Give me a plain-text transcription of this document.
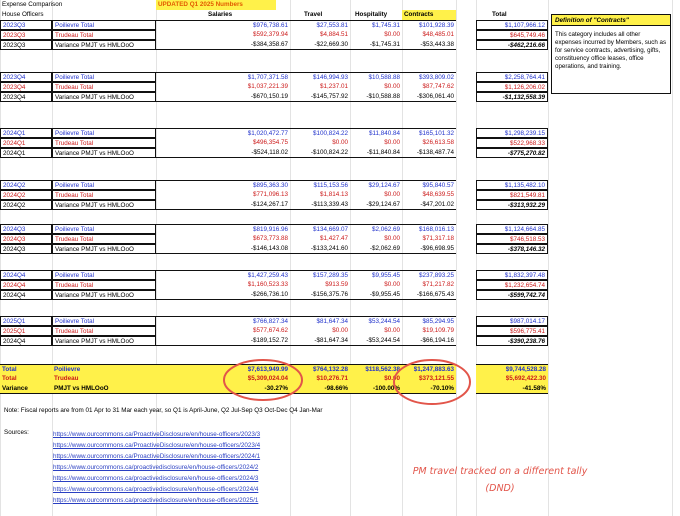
Expense Comparison	UPDATED Q1 2025 Numbers
House Officers	Salaries	Travel	Hospitality	Contracts	Total
2023Q3	Poilievre Total	$976,738.61	$27,553.81	$1,745.31	$101,928.39	$1,107,966.12
2023Q3	Trudeau Total	$592,379.94	$4,884.51	$0.00	$48,485.01	$645,749.46
2023Q3	Variance PMJT vs HMLOoO	-$384,358.67	-$22,669.30	-$1,745.31	-$53,443.38	-$462,216.66
2023Q4	Poilievre Total	$1,707,371.58	$146,994.93	$10,588.88	$393,809.02	$2,258,764.41
2023Q4	Trudeau Total	$1,037,221.39	$1,237.01	$0.00	$87,747.62	$1,126,206.02
2023Q4	Variance PMJT vs HMLOoO	-$670,150.19	-$145,757.92	-$10,588.88	-$306,061.40	-$1,132,558.39
2024Q1	Poilievre Total	$1,020,472.77	$100,824.22	$11,840.84	$165,101.32	$1,298,239.15
2024Q1	Trudeau Total	$496,354.75	$0.00	$0.00	$26,613.58	$522,968.33
2024Q1	Variance PMJT vs HMLOoO	-$524,118.02	-$100,824.22	-$11,840.84	-$138,487.74	-$775,270.82
2024Q2	Poilievre Total	$895,363.30	$115,153.56	$29,124.67	$95,840.57	$1,135,482.10
2024Q2	Trudeau Total	$771,096.13	$1,814.13	$0.00	$48,639.55	$821,549.81
2024Q2	Variance PMJT vs HMLOoO	-$124,267.17	-$113,339.43	-$29,124.67	-$47,201.02	-$313,932.29
2024Q3	Poilievre Total	$819,916.96	$134,669.07	$2,062.69	$168,016.13	$1,124,664.85
2024Q3	Trudeau Total	$673,773.88	$1,427.47	$0.00	$71,317.18	$746,518.53
2024Q3	Variance PMJT vs HMLOoO	-$146,143.08	-$133,241.60	-$2,062.69	-$96,698.95	-$378,146.32
2024Q4	Poilievre Total	$1,427,259.43	$157,289.35	$9,955.45	$237,893.25	$1,832,397.48
2024Q4	Trudeau Total	$1,160,523.33	$913.59	$0.00	$71,217.82	$1,232,654.74
2024Q4	Variance PMJT vs HMLOoO	-$266,736.10	-$156,375.76	-$9,955.45	-$166,675.43	-$599,742.74
2025Q1	Poilievre Total	$766,827.34	$81,647.34	$53,244.54	$85,294.95	$987,014.17
2025Q1	Trudeau Total	$577,674.62	$0.00	$0.00	$19,109.79	$596,775.41
2024Q4	Variance PMJT vs HMLOoO	-$189,152.72	-$81,647.34	-$53,244.54	-$66,194.16	-$390,238.76
Total	Poilievre	$7,613,949.99	$764,132.28	$118,562.38	$1,247,883.63	$9,744,528.28
Total	Trudeau	$5,309,024.04	$10,276.71	$0.00	$373,121.55	$5,692,422.30
Variance	PMJT vs HMLOoO	-30.27%	-98.66%	-100.00%	-70.10%	-41.58%
Definition of "Contracts"
This category includes all other expenses incurred by Members, such as for service contracts, advertising, gifts, constituency office leases, office operations, and training.
Note: Fiscal reports are from 01 Apr to 31 Mar each year, so Q1 is April-June, Q2 Jul-Sep Q3 Oct-Dec Q4 Jan-Mar
Sources:	https://www.ourcommons.ca/ProactiveDisclosure/en/house-officers/2023/3
https://www.ourcommons.ca/ProactiveDisclosure/en/house-officers/2023/4
https://www.ourcommons.ca/ProactiveDisclosure/en/house-officers/2024/1
https://www.ourcommons.ca/proactivedisclosure/en/house-officers/2024/2
https://www.ourcommons.ca/proactivedisclosure/en/house-officers/2024/3
https://www.ourcommons.ca/proactivedisclosure/en/house-officers/2024/4
https://www.ourcommons.ca/proactivedisclosure/en/house-officers/2025/1
PM travel tracked on a different tally (DND)
